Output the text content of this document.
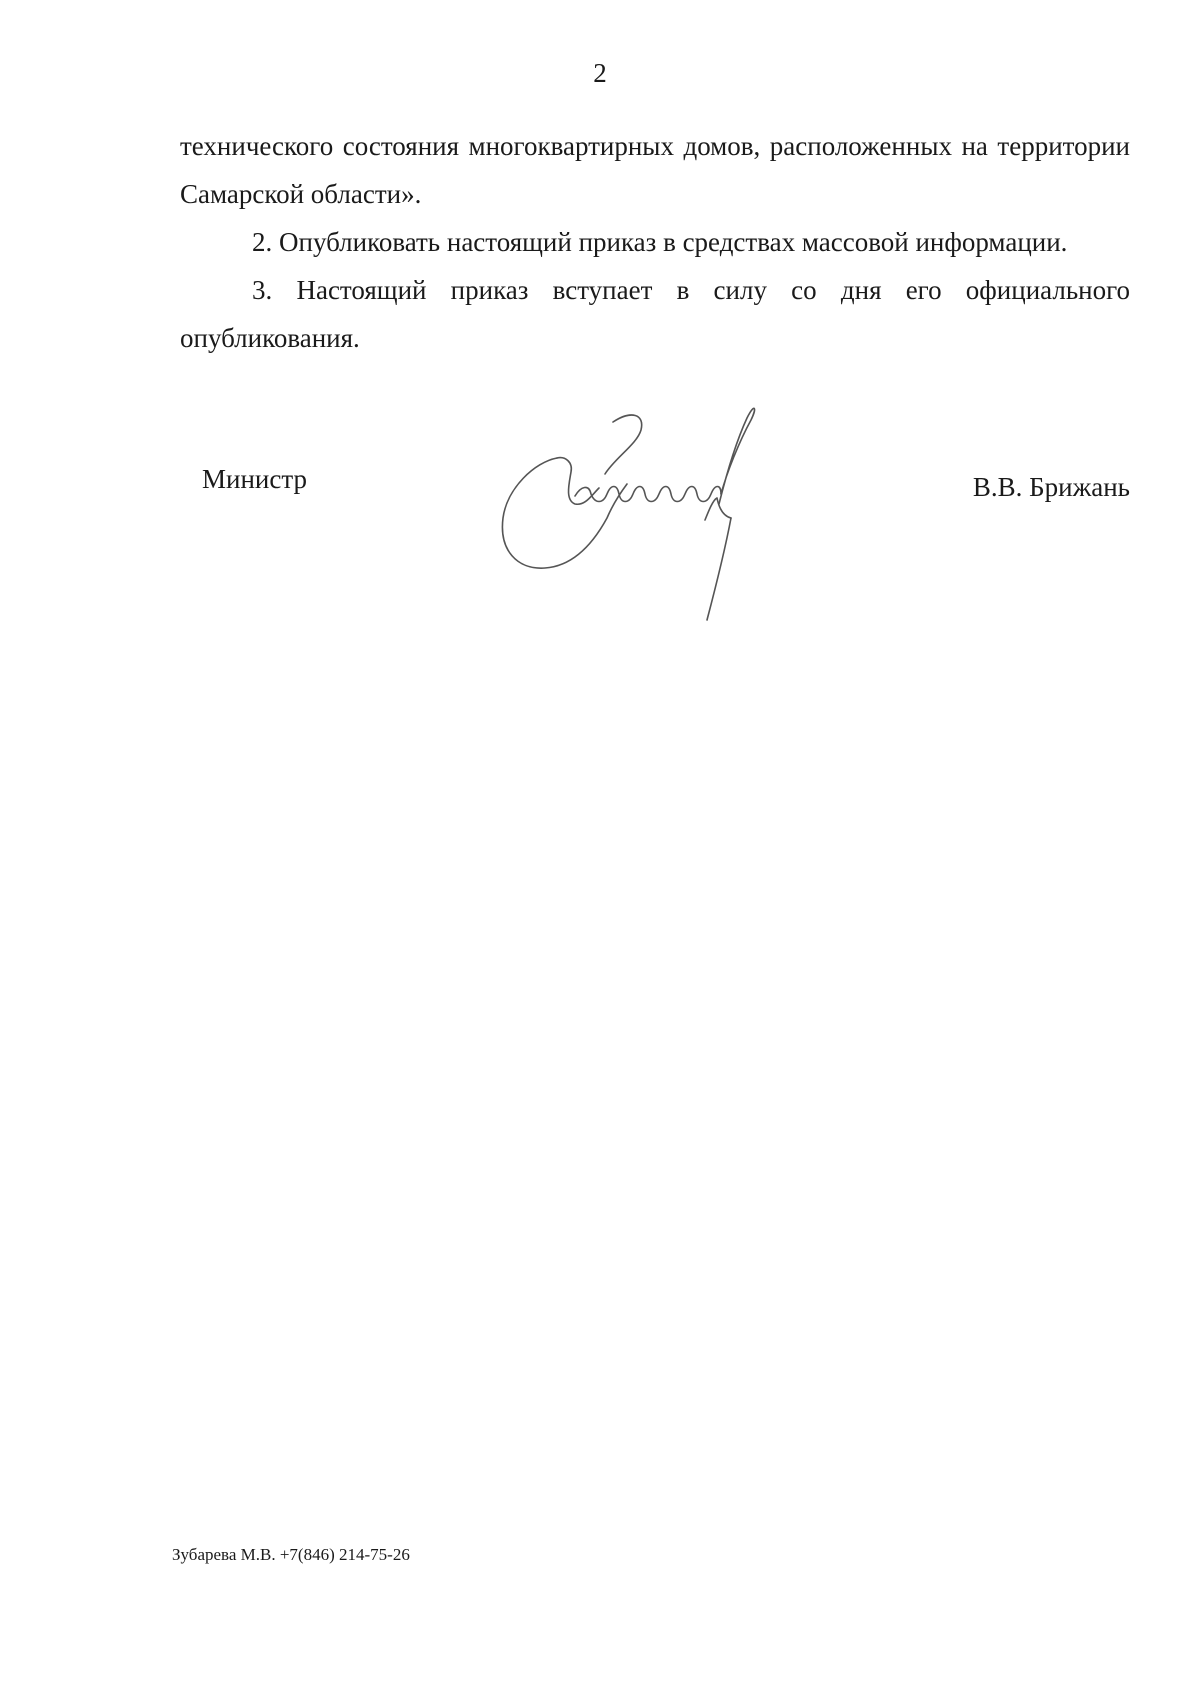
2

технического состояния многоквартирных домов, расположенных на территории Самарской области».

2. Опубликовать настоящий приказ в средствах массовой информации.

3. Настоящий приказ вступает в силу со дня его официального опубликования.

Министр	В.В. Брижань
Зубарева М.В. +7(846) 214-75-26
